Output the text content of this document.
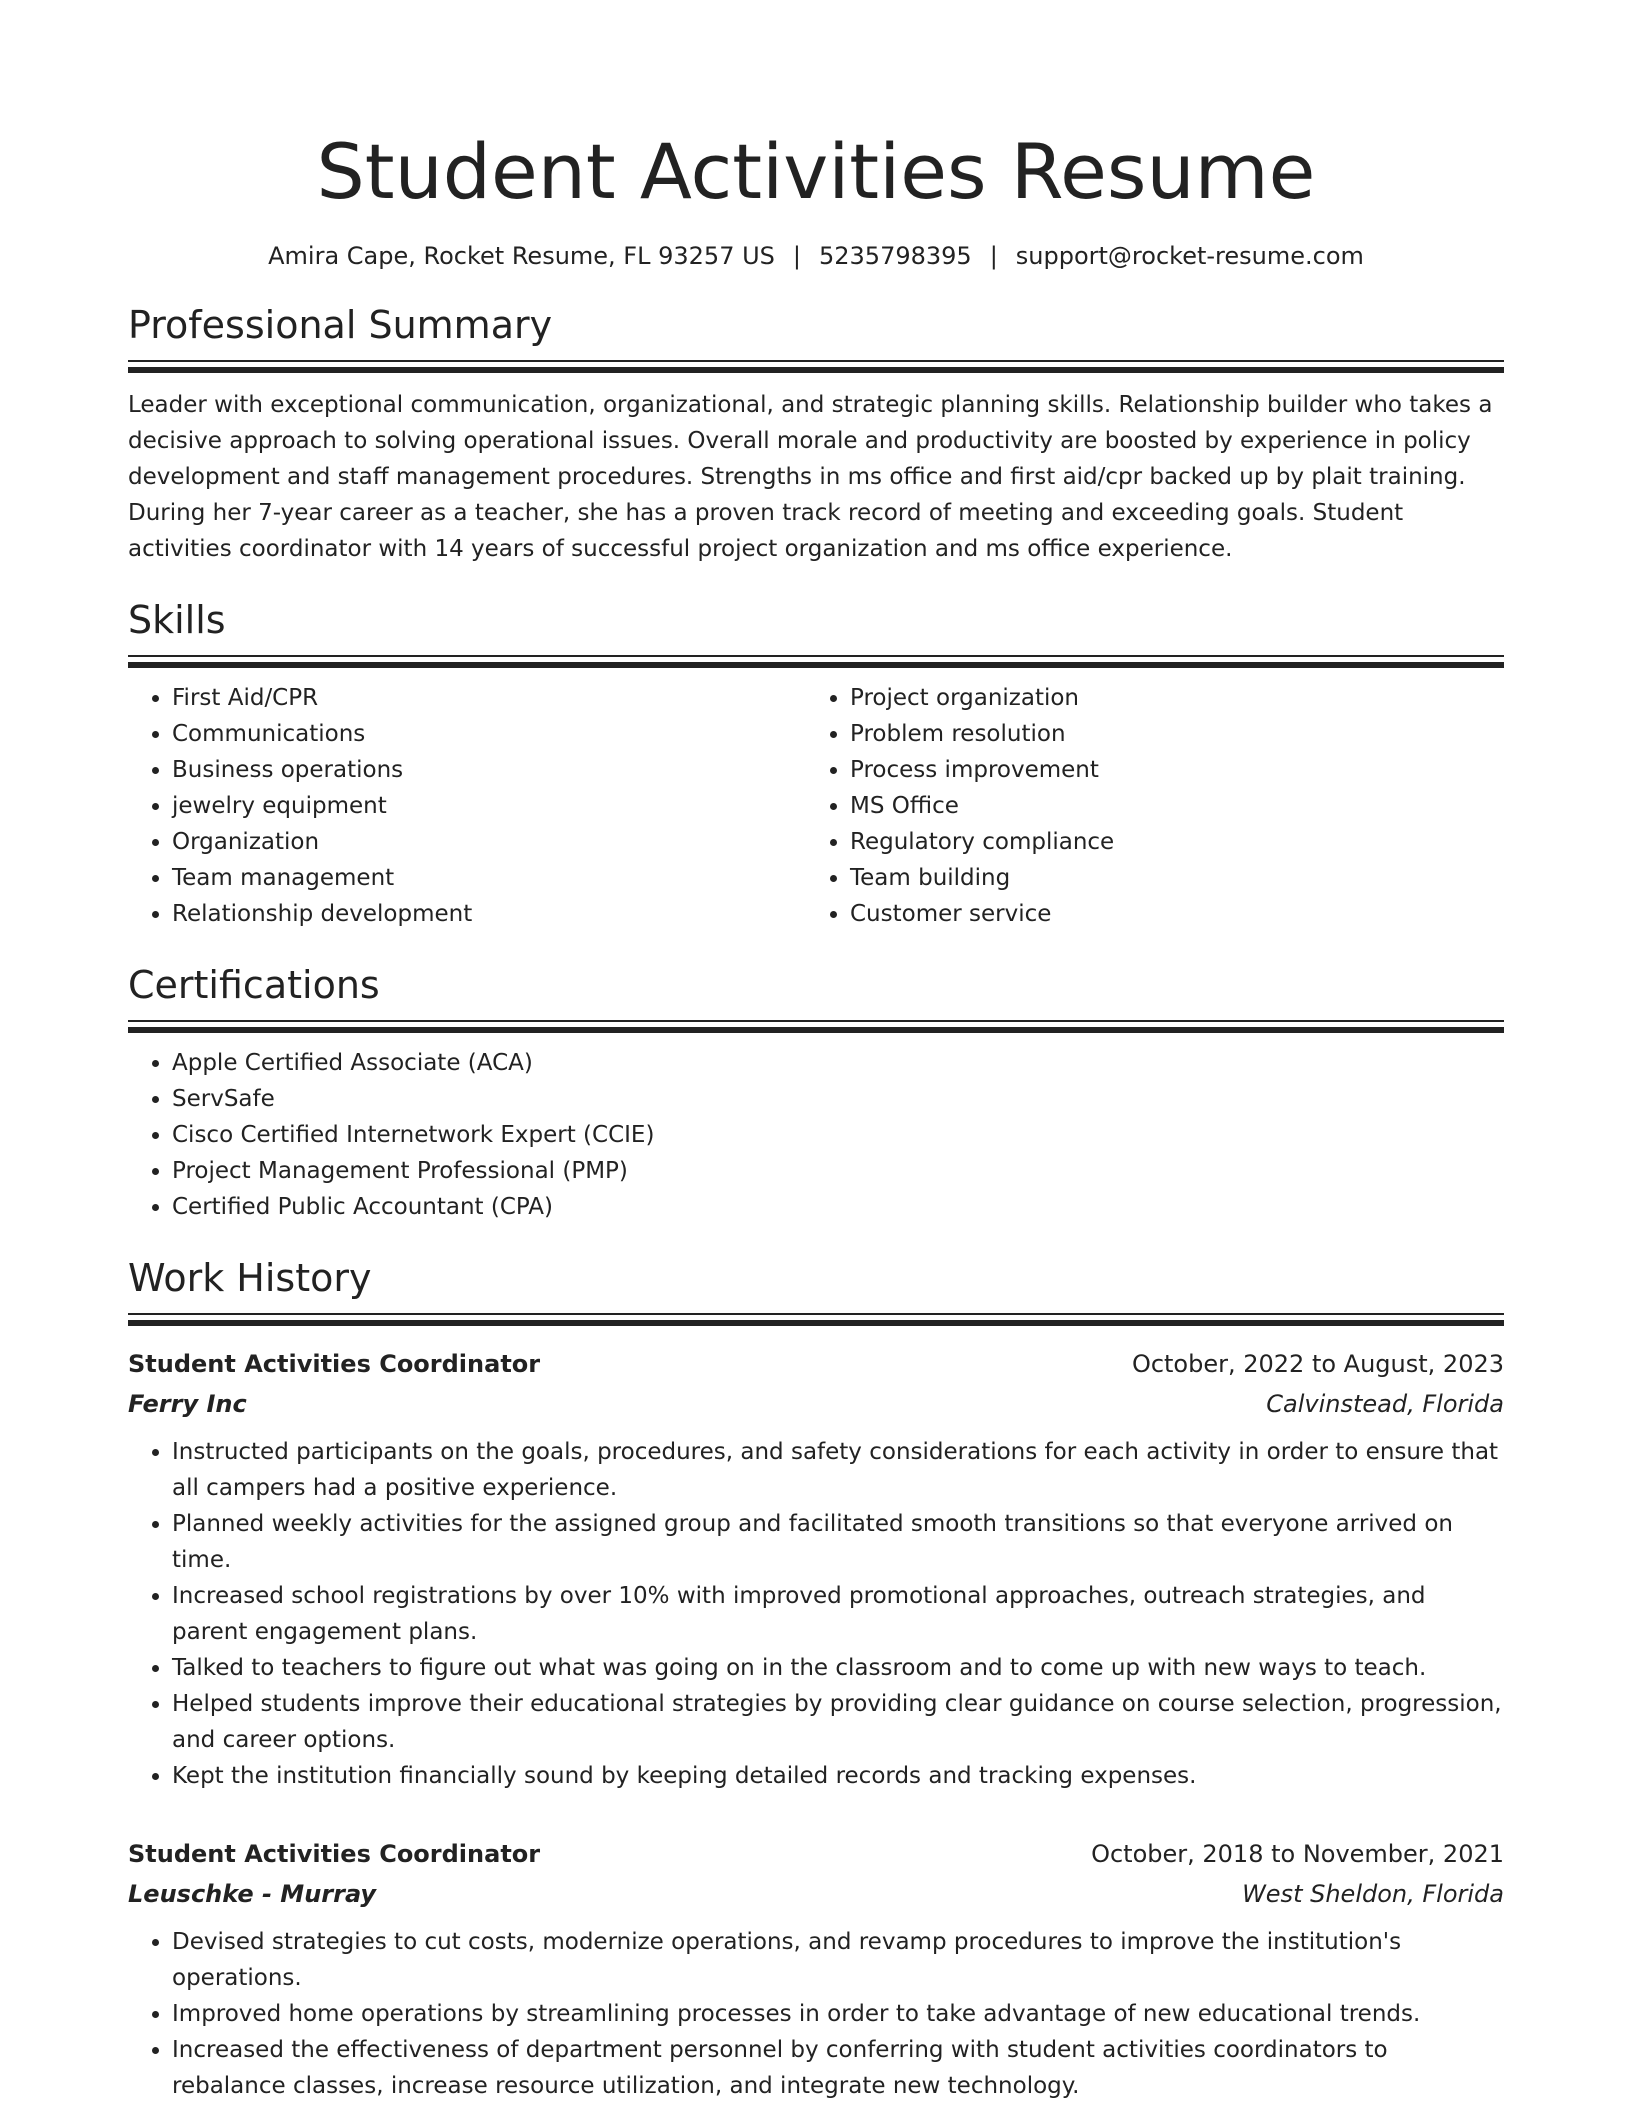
Student Activities Resume
Amira Cape, Rocket Resume, FL 93257 US | 5235798395 | support@rocket-resume.com
Professional Summary
Leader with exceptional communication, organizational, and strategic planning skills. Relationship builder who takes a decisive approach to solving operational issues. Overall morale and productivity are boosted by experience in policy development and staff management procedures. Strengths in ms office and first aid/cpr backed up by plait training. During her 7-year career as a teacher, she has a proven track record of meeting and exceeding goals. Student activities coordinator with 14 years of successful project organization and ms office experience.
Skills
• First Aid/CPR
• Communications
• Business operations
• jewelry equipment
• Organization
• Team management
• Relationship development
• Project organization
• Problem resolution
• Process improvement
• MS Office
• Regulatory compliance
• Team building
• Customer service
Certifications
• Apple Certified Associate (ACA)
• ServSafe
• Cisco Certified Internetwork Expert (CCIE)
• Project Management Professional (PMP)
• Certified Public Accountant (CPA)
Work History
Student Activities Coordinator	October, 2022 to August, 2023
Ferry Inc	Calvinstead, Florida
• Instructed participants on the goals, procedures, and safety considerations for each activity in order to ensure that all campers had a positive experience.
• Planned weekly activities for the assigned group and facilitated smooth transitions so that everyone arrived on time.
• Increased school registrations by over 10% with improved promotional approaches, outreach strategies, and parent engagement plans.
• Talked to teachers to figure out what was going on in the classroom and to come up with new ways to teach.
• Helped students improve their educational strategies by providing clear guidance on course selection, progression, and career options.
• Kept the institution financially sound by keeping detailed records and tracking expenses.
Student Activities Coordinator	October, 2018 to November, 2021
Leuschke - Murray	West Sheldon, Florida
• Devised strategies to cut costs, modernize operations, and revamp procedures to improve the institution's operations.
• Improved home operations by streamlining processes in order to take advantage of new educational trends.
• Increased the effectiveness of department personnel by conferring with student activities coordinators to rebalance classes, increase resource utilization, and integrate new technology.
